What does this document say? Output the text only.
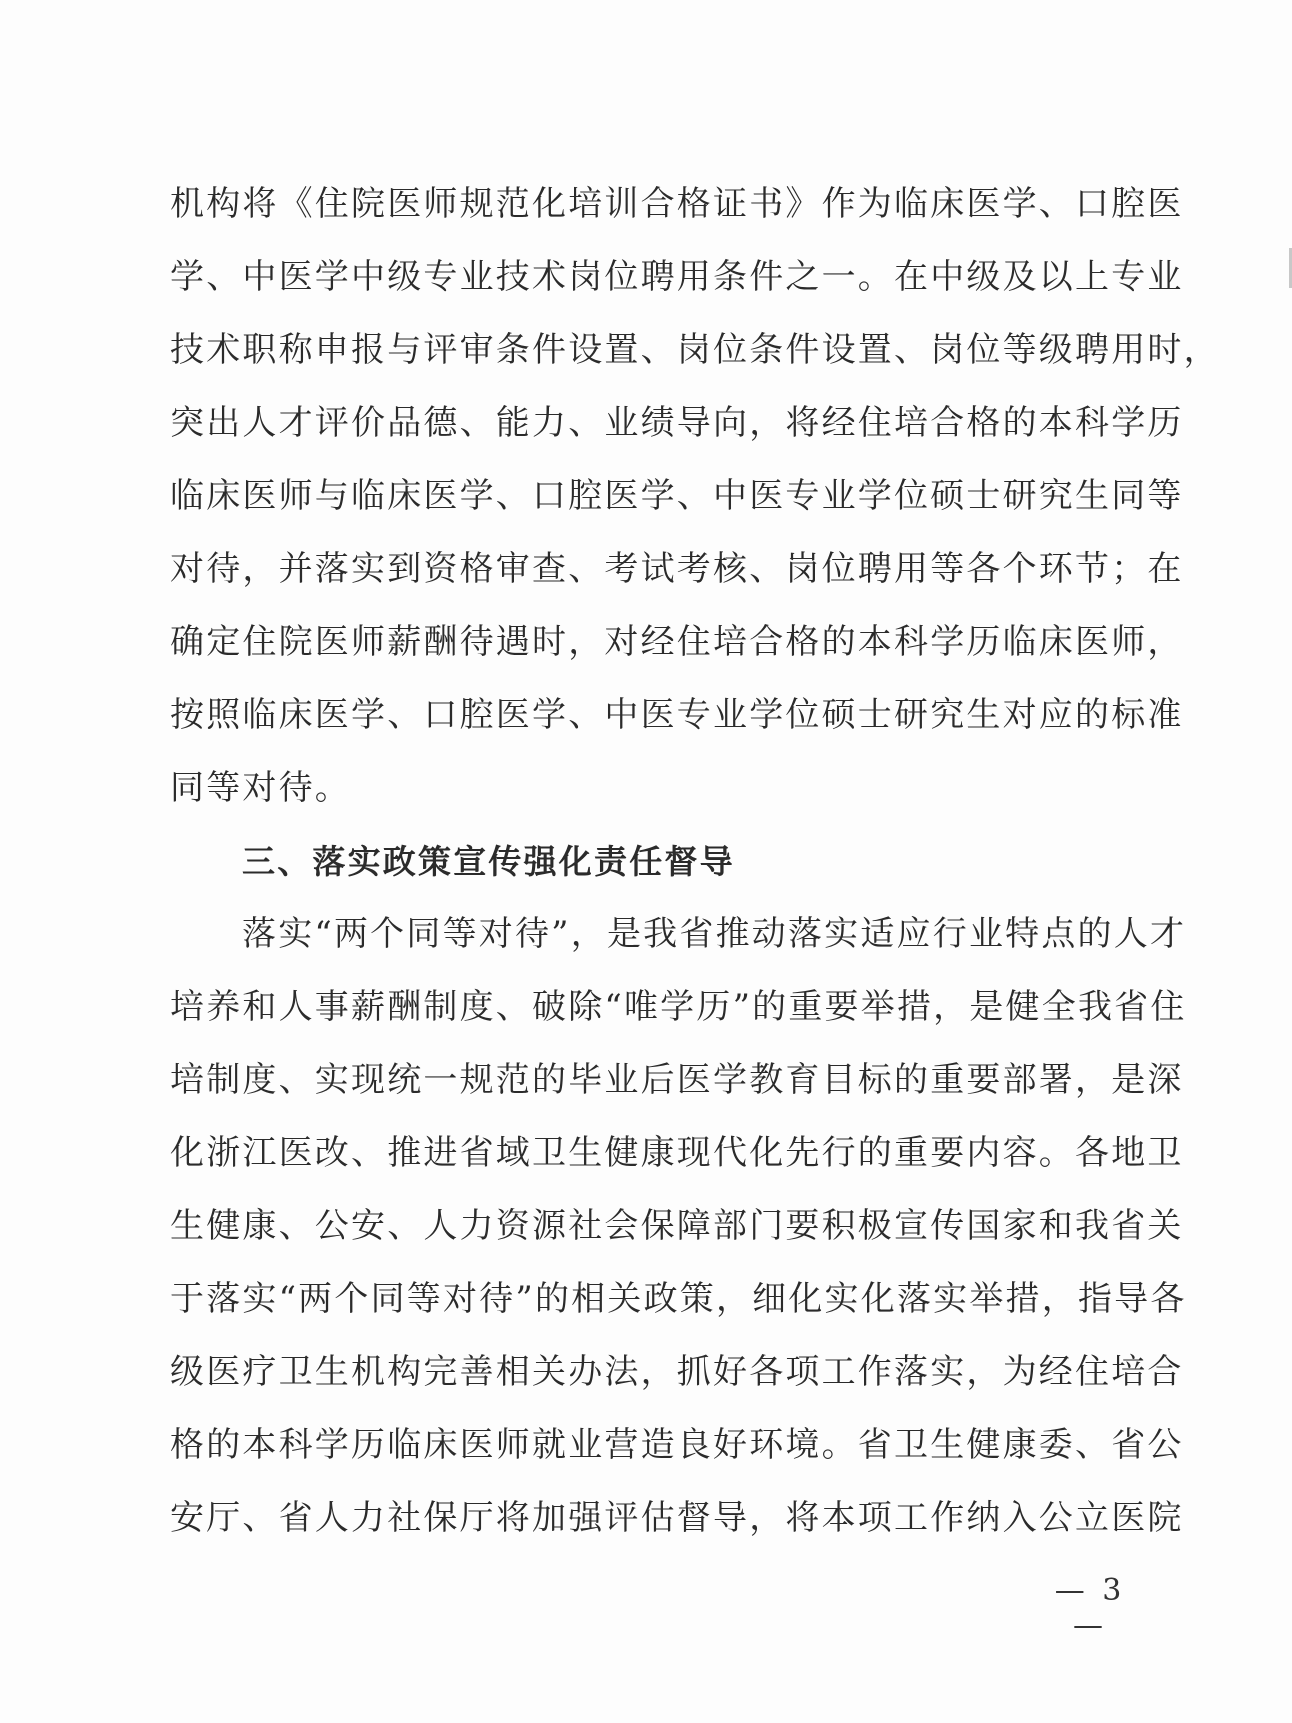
机构将《住院医师规范化培训合格证书》作为临床医学、口腔医
学、中医学中级专业技术岗位聘用条件之一。在中级及以上专业
技术职称申报与评审条件设置、岗位条件设置、岗位等级聘用时，
突出人才评价品德、能力、业绩导向，将经住培合格的本科学历
临床医师与临床医学、口腔医学、中医专业学位硕士研究生同等
对待，并落实到资格审查、考试考核、岗位聘用等各个环节；在
确定住院医师薪酬待遇时，对经住培合格的本科学历临床医师，
按照临床医学、口腔医学、中医专业学位硕士研究生对应的标准
同等对待。
三、落实政策宣传强化责任督导
落实“两个同等对待”，是我省推动落实适应行业特点的人才
培养和人事薪酬制度、破除“唯学历”的重要举措，是健全我省住
培制度、实现统一规范的毕业后医学教育目标的重要部署，是深
化浙江医改、推进省域卫生健康现代化先行的重要内容。各地卫
生健康、公安、人力资源社会保障部门要积极宣传国家和我省关
于落实“两个同等对待”的相关政策，细化实化落实举措，指导各
级医疗卫生机构完善相关办法，抓好各项工作落实，为经住培合
格的本科学历临床医师就业营造良好环境。省卫生健康委、省公
安厅、省人力社保厅将加强评估督导，将本项工作纳入公立医院
— 3 —
